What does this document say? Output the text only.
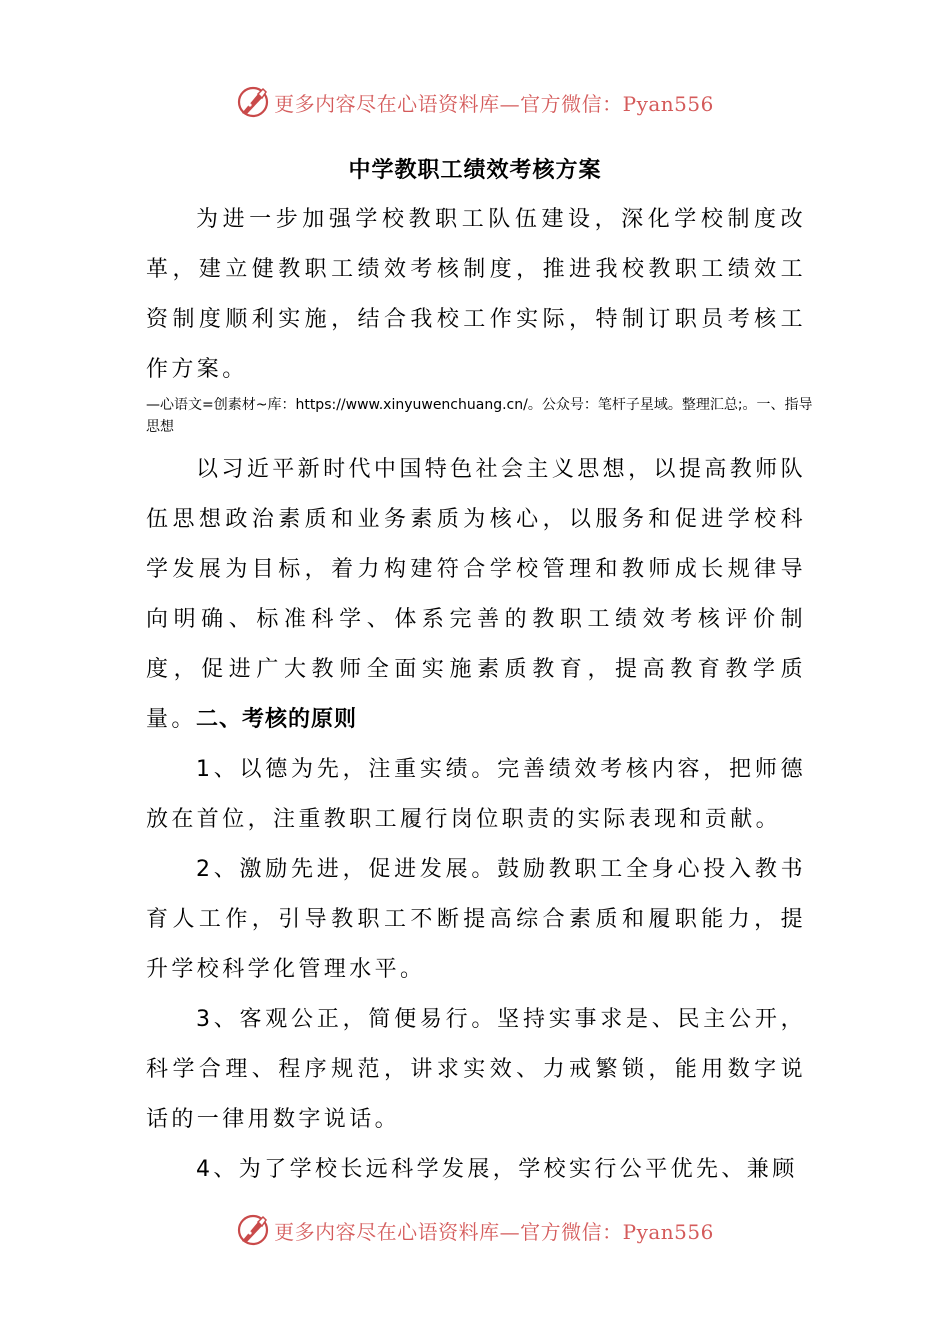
更多内容尽在心语资料库—官方微信：Pyan556
中学教职工绩效考核方案

为进一步加强学校教职工队伍建设，深化学校制度改革，建立健教职工绩效考核制度，推进我校教职工绩效工资制度顺利实施，结合我校工作实际，特制订职员考核工作方案。

—心语文=创素材~库：https://www.xinyuwenchuang.cn/。公众号：笔杆子星域。整理汇总;。一、指导思想

以习近平新时代中国特色社会主义思想，以提高教师队伍思想政治素质和业务素质为核心，以服务和促进学校科学发展为目标，着力构建符合学校管理和教师成长规律导向明确、标准科学、体系完善的教职工绩效考核评价制度，促进广大教师全面实施素质教育，提高教育教学质量。 二、考核的原则

1、以德为先，注重实绩。完善绩效考核内容，把师德放在首位，注重教职工履行岗位职责的实际表现和贡献。

2、激励先进，促进发展。鼓励教职工全身心投入教书育人工作，引导教职工不断提高综合素质和履职能力，提升学校科学化管理水平。

3、客观公正，简便易行。坚持实事求是、民主公开，科学合理、程序规范，讲求实效、力戒繁锁，能用数字说话的一律用数字说话。

4、为了学校长远科学发展，学校实行公平优先、兼顾

更多内容尽在心语资料库—官方微信：Pyan556
